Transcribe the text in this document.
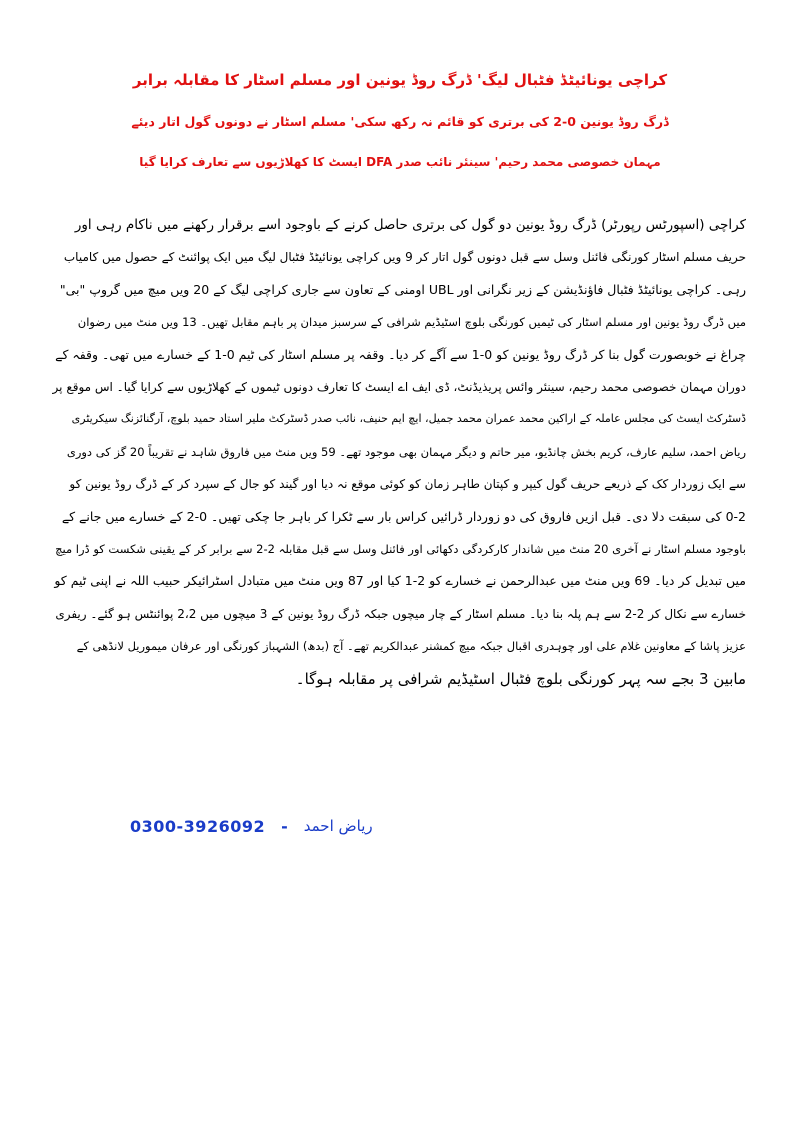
کراچی یونائیٹڈ فٹبال لیگ' ڈرگ روڈ یونین اور مسلم اسٹار کا مقابلہ برابر

ڈرگ روڈ یونین 0-2 کی برتری کو قائم نہ رکھ سکی' مسلم اسٹار نے دونوں گول اتار دیئے

مہمان خصوصی محمد رحیم' سینئر نائب صدر DFA ایسٹ کا کھلاڑیوں سے تعارف کرایا گیا

کراچی (اسپورٹس رپورٹر) ڈرگ روڈ یونین دو گول کی برتری حاصل کرنے کے باوجود اسے برقرار رکھنے میں ناکام رہی اور

حریف مسلم اسٹار کورنگی فائنل وسل سے قبل دونوں گول اتار کر 9 ویں کراچی یونائیٹڈ فٹبال لیگ میں ایک پوائنٹ کے حصول میں کامیاب

رہی۔ کراچی یونائیٹڈ فٹبال فاؤنڈیشن کے زیر نگرانی اور UBL اومنی کے تعاون سے جاری کراچی لیگ کے 20 ویں میچ میں گروپ "بی"

میں ڈرگ روڈ یونین اور مسلم اسٹار کی ٹیمیں کورنگی بلوچ اسٹیڈیم شرافی کے سرسبز میدان پر باہم مقابل تھیں۔ 13 ویں منٹ میں رضوان

چراغ نے خوبصورت گول بنا کر ڈرگ روڈ یونین کو 0-1 سے آگے کر دیا۔ وقفہ پر مسلم اسٹار کی ٹیم 0-1 کے خسارے میں تھی۔ وقفہ کے

دوران مہمان خصوصی محمد رحیم، سینئر وائس پریذیڈنٹ، ڈی ایف اے ایسٹ کا تعارف دونوں ٹیموں کے کھلاڑیوں سے کرایا گیا۔ اس موقع پر

ڈسٹرکٹ ایسٹ کی مجلس عاملہ کے اراکین محمد عمران محمد جمیل، ایچ ایم حنیف، نائب صدر ڈسٹرکٹ ملیر استاد حمید بلوچ، آرگنائزنگ سیکریٹری

ریاض احمد، سلیم عارف، کریم بخش چانڈیو، میر حاتم و دیگر مہمان بھی موجود تھے۔ 59 ویں منٹ میں فاروق شاہد نے تقریباً 20 گز کی دوری

سے ایک زوردار کک کے ذریعے حریف گول کیپر و کپتان طاہر زمان کو کوئی موقع نہ دیا اور گیند کو جال کے سپرد کر کے ڈرگ روڈ یونین کو

0-2 کی سبقت دلا دی۔ قبل ازیں فاروق کی دو زوردار ڈرائیں کراس بار سے ٹکرا کر باہر جا چکی تھیں۔ 0-2 کے خسارے میں جانے کے

باوجود مسلم اسٹار نے آخری 20 منٹ میں شاندار کارکردگی دکھائی اور فائنل وسل سے قبل مقابلہ 2-2 سے برابر کر کے یقینی شکست کو ڈرا میچ

میں تبدیل کر دیا۔ 69 ویں منٹ میں عبدالرحمن نے خسارے کو 2-1 کیا اور 87 ویں منٹ میں متبادل اسٹرائیکر حبیب اللہ نے اپنی ٹیم کو

خسارے سے نکال کر 2-2 سے ہم پلہ بنا دیا۔ مسلم اسٹار کے چار میچوں جبکہ ڈرگ روڈ یونین کے 3 میچوں میں 2،2 پوائنٹس ہو گئے۔ ریفری

عزیز پاشا کے معاونین غلام علی اور چوہدری اقبال جبکہ میچ کمشنر عبدالکریم تھے۔ آج (بدھ) الشہباز کورنگی اور عرفان میموریل لانڈھی کے

مابین 3 بجے سہ پہر کورنگی بلوچ فٹبال اسٹیڈیم شرافی پر مقابلہ ہوگا۔

0300-3926092 - ریاض احمد
